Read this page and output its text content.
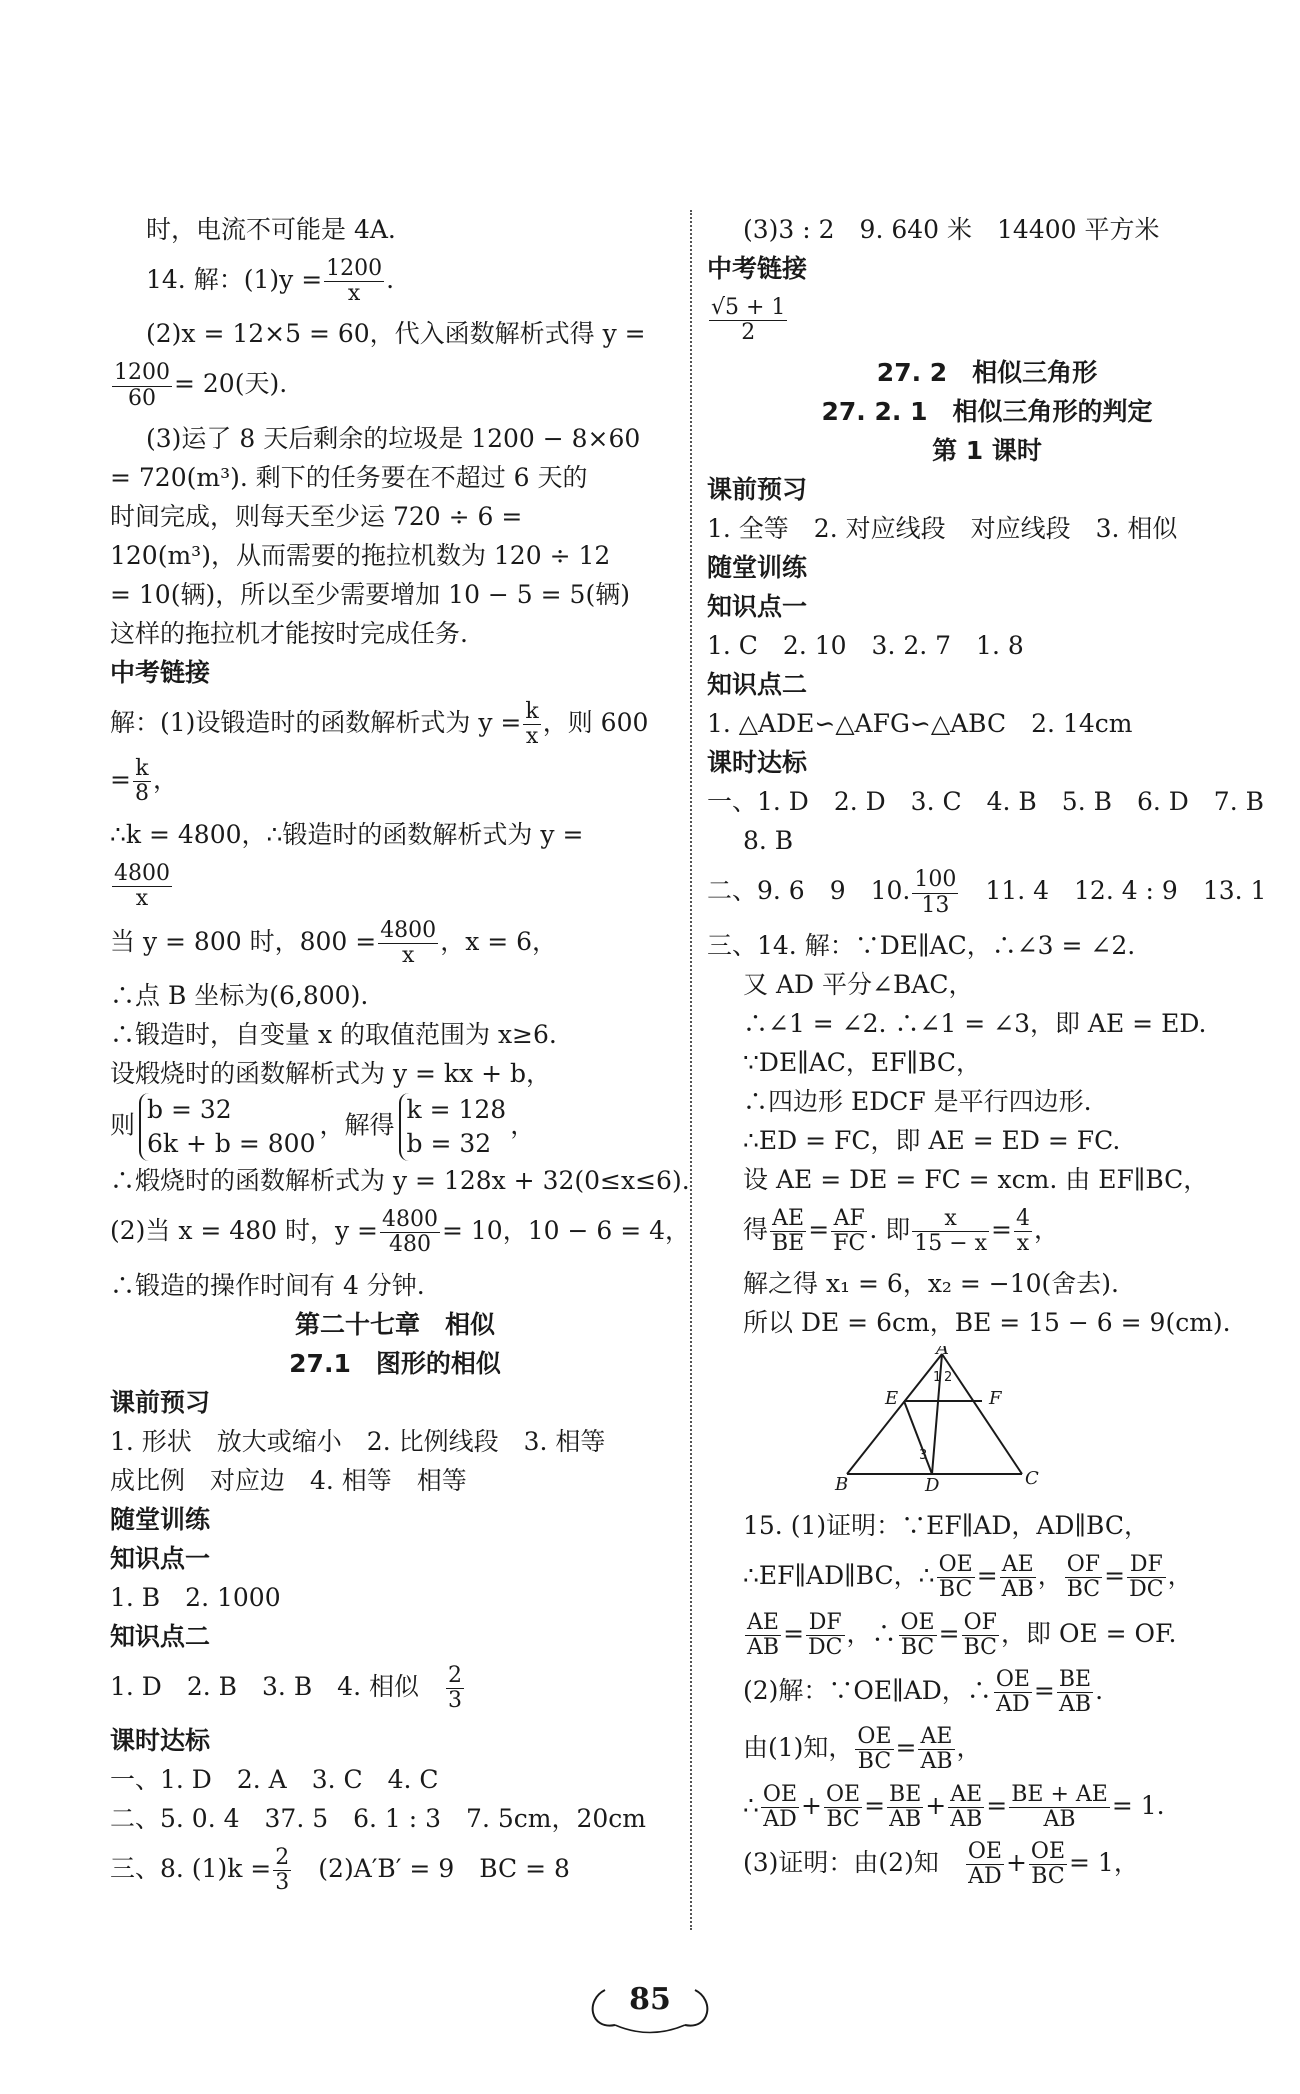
时，电流不可能是 4A.
14. 解：$(1)y = \frac{1200}{x}$ .
(2)x = 12×5 = 60，代入函数解析式得 y =
$\frac{1200}{60} = 20$(天).
(3)运了 8 天后剩余的垃圾是 1200 − 8×60
= 720(m³). 剩下的任务要在不超过 6 天的
时间完成，则每天至少运 720 ÷ 6 =
120(m³)，从而需要的拖拉机数为 120 ÷ 12
= 10(辆)，所以至少需要增加 10 − 5 = 5(辆)
这样的拖拉机才能按时完成任务.
中考链接
解：(1)设锻造时的函数解析式为 $y = \frac{k}{x}$ ，则 600
= $\frac{k}{8}$ ，
∴k = 4800，∴锻造时的函数解析式为 y =
$\frac{4800}{x}$
当 y = 800 时，$800 = \frac{4800}{x}$ ，x = 6，
∴点 B 坐标为(6,800).
∴锻造时，自变量 x 的取值范围为 x≥6.
设煅烧时的函数解析式为 y = kx + b，
则
b = 32
6k + b = 800
，解得
k = 128
b = 32
，
∴煅烧时的函数解析式为 y = 128x + 32(0≤x≤6).
(2)当 x = 480 时，$y = \frac{4800}{480} = 10$，10 − 6 = 4，
∴锻造的操作时间有 4 分钟.
第二十七章　相似
27.1　图形的相似
课前预习
1. 形状　放大或缩小　2. 比例线段　3. 相等
成比例　对应边　4. 相等　相等
随堂训练
知识点一
1. B　2. 1000
知识点二
1. D　2. B　3. B　4. 相似　 $\frac{2}{3}$
课时达标
一、1. D　2. A　3. C　4. C
二、5. 0. 4　37. 5　6. 1 : 3　7. 5cm，20cm
三、8. $(1)k = \frac{2}{3}$
　 (2)A′B′ = 9　BC = 8
(3)3 : 2　9. 640 米　14400 平方米
中考链接
$\frac{√5 + 1}{2}$
27. 2　相似三角形
27. 2. 1　相似三角形的判定
第 1 课时
课前预习
1. 全等　2. 对应线段　对应线段　3. 相似
随堂训练
知识点一
1. C　2. 10　3. 2. 7　1. 8
知识点二
1. △ADE∽△AFG∽△ABC　2. 14cm
课时达标
一、1. D　2. D　3. C　4. B　5. B　6. D　7. B
8. B
二、9. 6　9　10. $\frac{100}{13}$
　 11. 4　12. 4 : 9　13. 1
三、14. 解：∵DE∥AC，∴∠3 = ∠2.
又 AD 平分∠BAC，
∴∠1 = ∠2. ∴∠1 = ∠3，即 AE = ED.
∵DE∥AC，EF∥BC，
∴四边形 EDCF 是平行四边形.
∴ED = FC，即 AE = ED = FC.
设 AE = DE = FC = xcm. 由 EF∥BC，
得 $\frac{AE}{BE} = \frac{AF}{FC}$ . 即 $\frac{x}{15 - x} = \frac{4}{x}$ ，
解之得 x₁ = 6，x₂ = −10(舍去).
所以 DE = 6cm，BE = 15 − 6 = 9(cm).
A
E	F
B	D	C
1 2
3
15. (1)证明：∵EF∥AD，AD∥BC，
∴EF∥AD∥BC，∴ $\frac{OE}{BC} = \frac{AE}{AB}$ ， $\frac{OF}{BC} = \frac{DF}{DC}$ ，
$\frac{AE}{AB} = \frac{DF}{DC}$ ，∴ $\frac{OE}{BC} = \frac{OF}{BC}$ ，即 OE = OF.
(2)解：∵OE∥AD，∴ $\frac{OE}{AD} = \frac{BE}{AB}$ .
由(1)知， $\frac{OE}{BC} = \frac{AE}{AB}$ ，
∴ $\frac{OE}{AD} + \frac{OE}{BC} = \frac{BE}{AB} + \frac{AE}{AB} = \frac{BE + AE}{AB} = 1$.
(3)证明：由(2)知　 $\frac{OE}{AD} + \frac{OE}{BC} = 1$，
85
